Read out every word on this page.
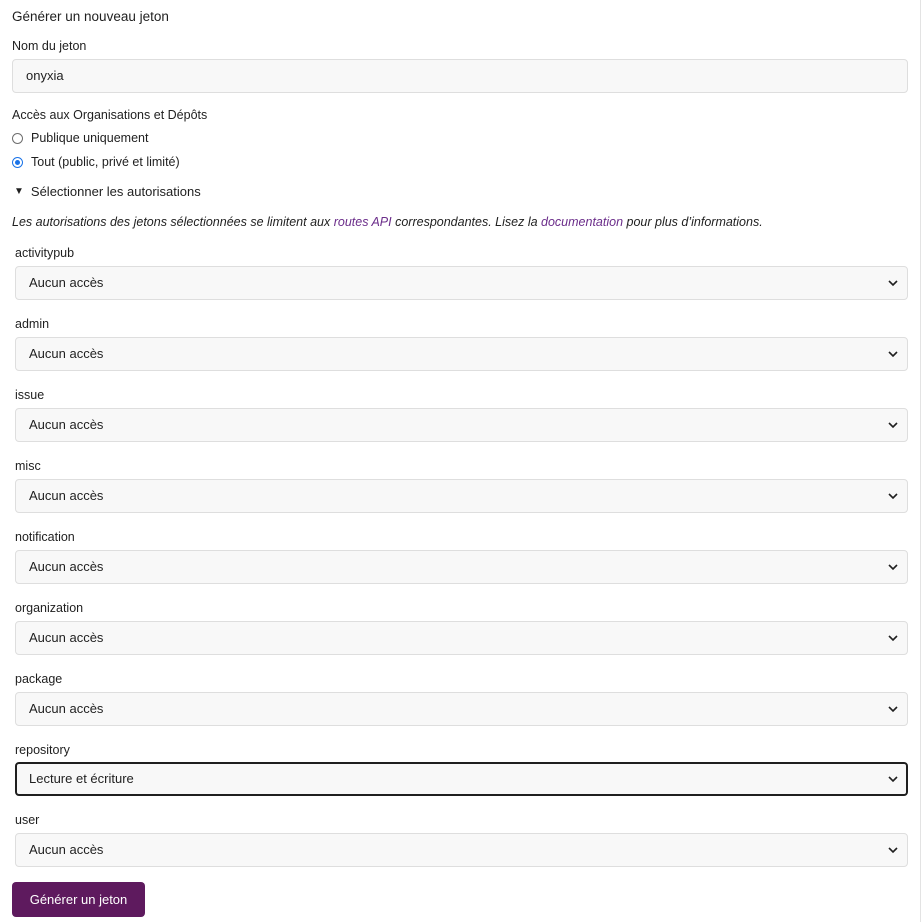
Générer un nouveau jeton
Nom du jeton
onyxia
Accès aux Organisations et Dépôts
Publique uniquement
Tout (public, privé et limité)
▼ Sélectionner les autorisations
Les autorisations des jetons sélectionnées se limitent aux routes API correspondantes. Lisez la documentation pour plus d’informations.
activitypub
Aucun accès
admin
Aucun accès
issue
Aucun accès
misc
Aucun accès
notification
Aucun accès
organization
Aucun accès
package
Aucun accès
repository
Lecture et écriture
user
Aucun accès
Générer un jeton
